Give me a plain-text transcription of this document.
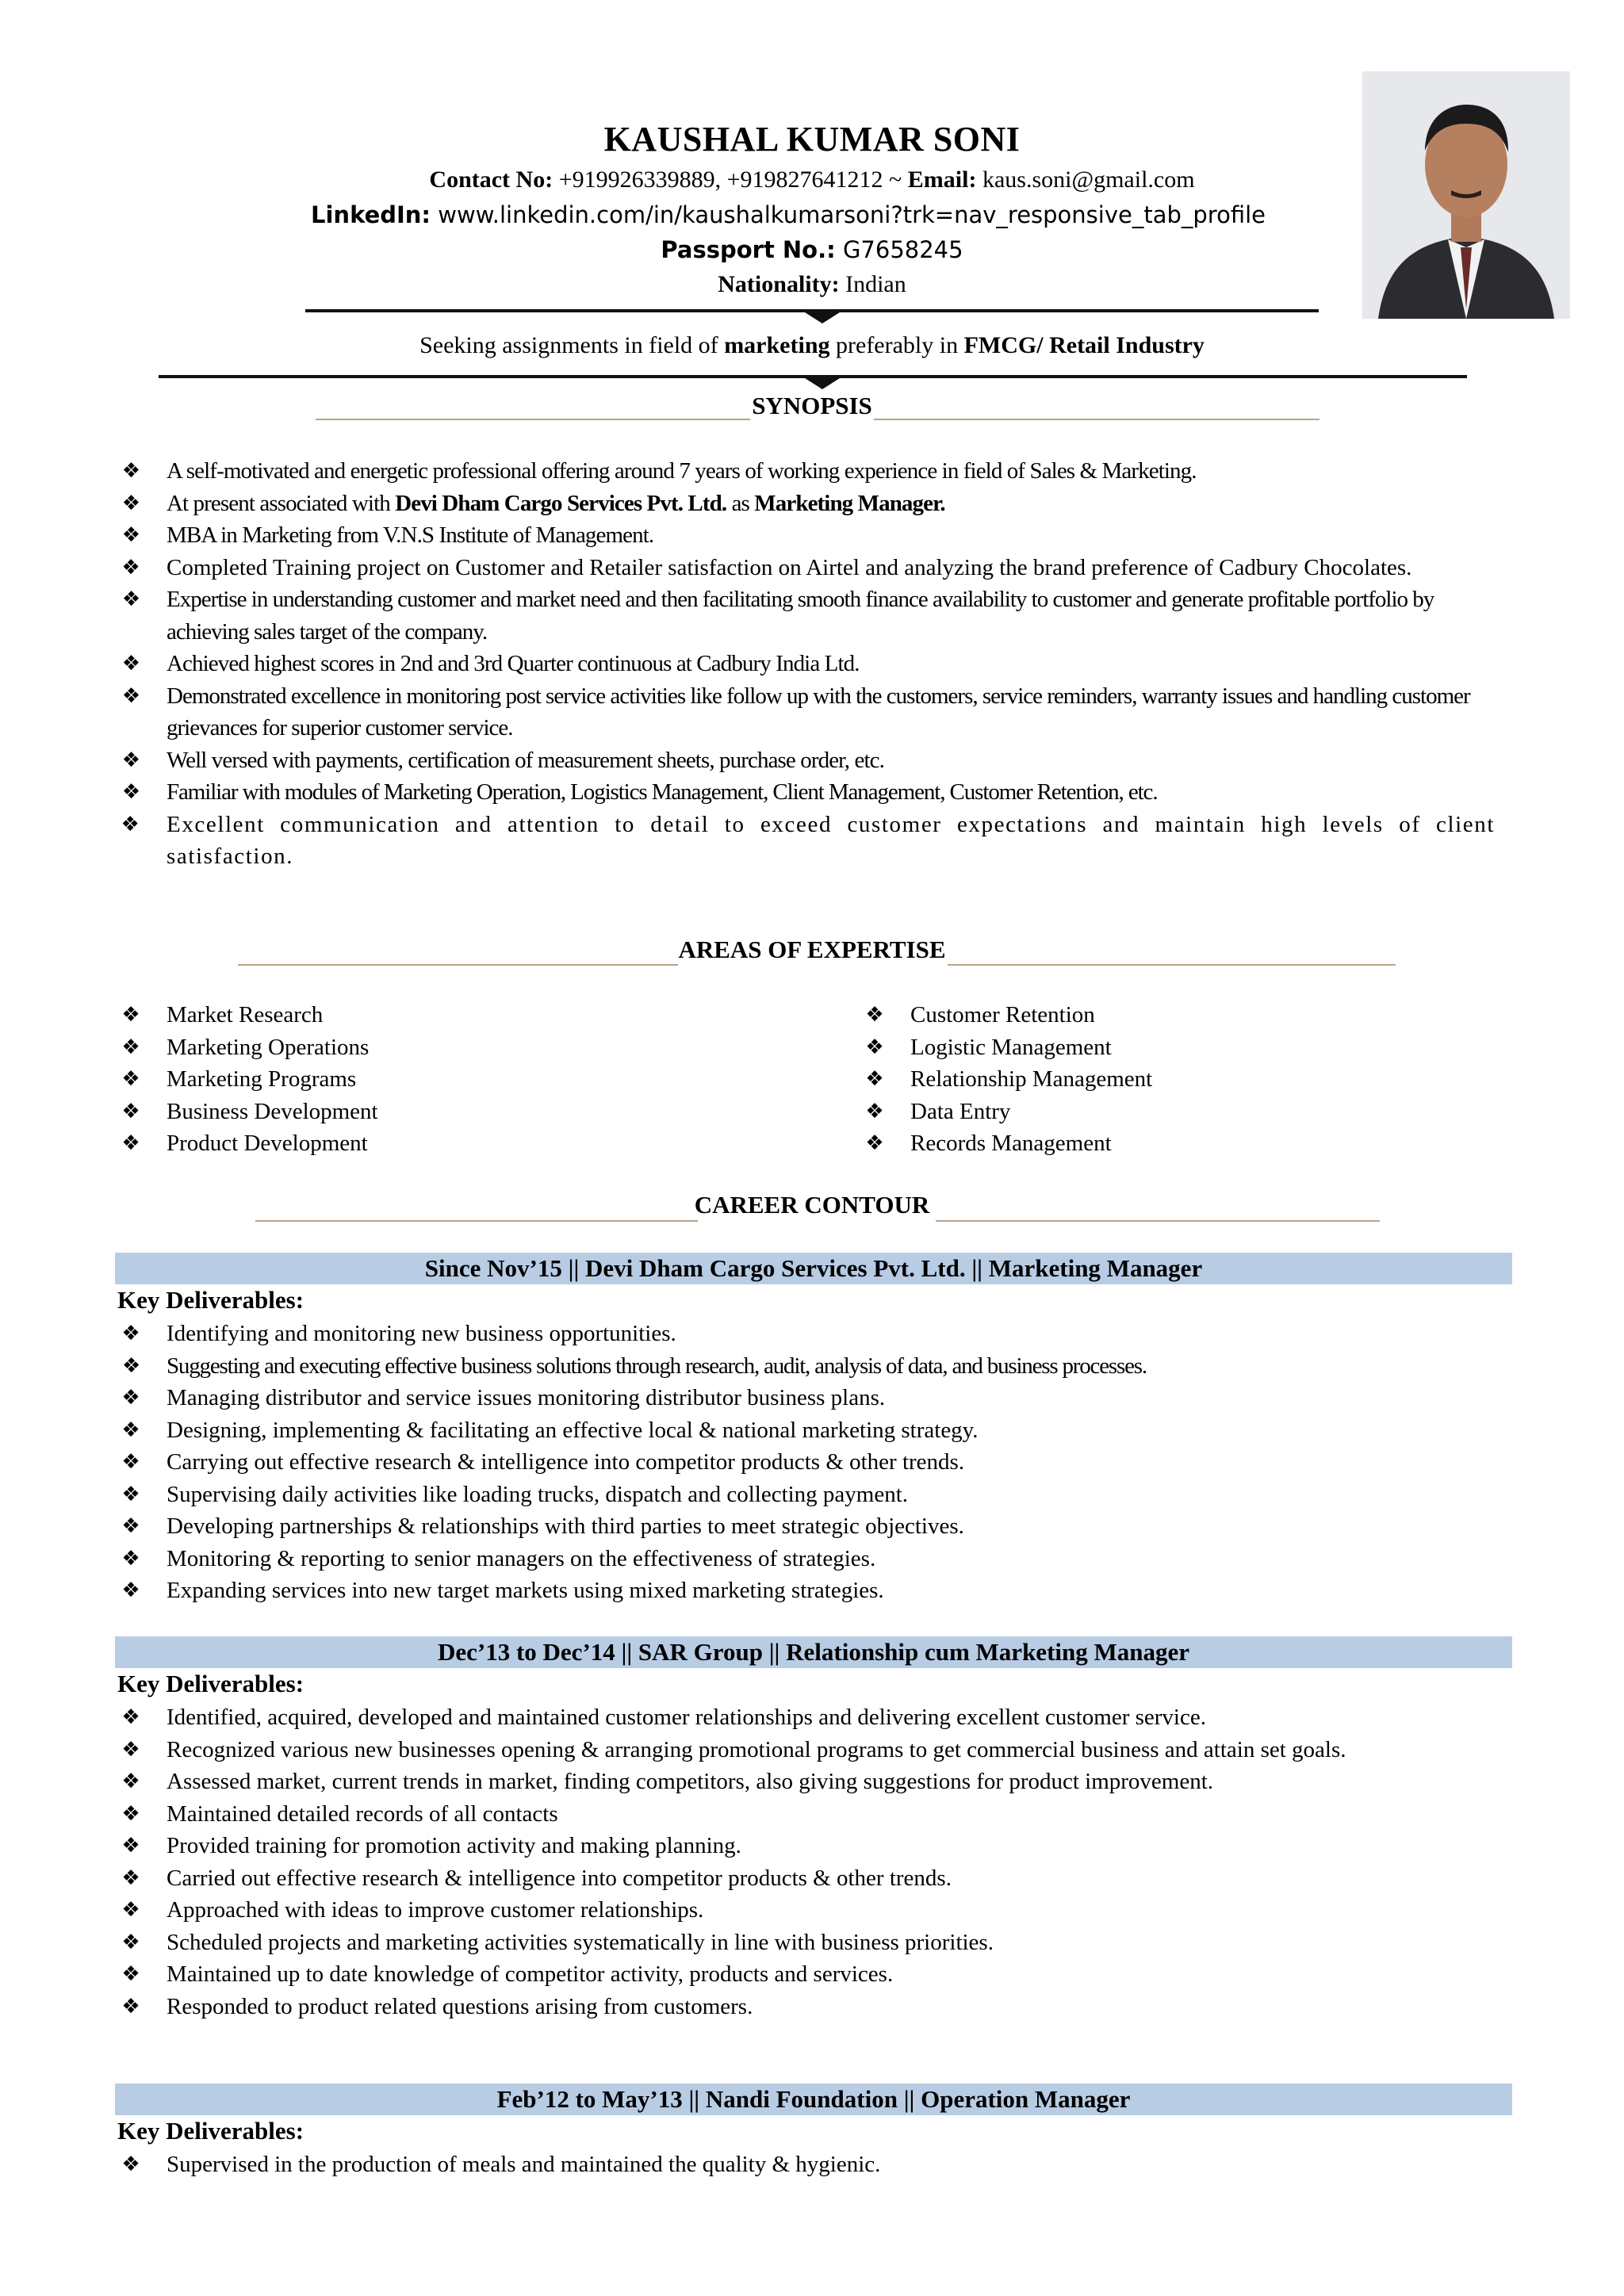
KAUSHAL KUMAR SONI
Contact No: +919926339889, +919827641212 ~ Email: kaus.soni@gmail.com
LinkedIn: www.linkedin.com/in/kaushalkumarsoni?trk=nav_responsive_tab_profile
Passport No.: G7658245
Nationality: Indian
Seeking assignments in field of marketing preferably in FMCG/ Retail Industry
SYNOPSIS
❖	A self-motivated and energetic professional offering around 7 years of working experience in field of Sales & Marketing.
❖	At present associated with Devi Dham Cargo Services Pvt. Ltd. as Marketing Manager.
❖	MBA in Marketing from V.N.S Institute of Management.
❖ Completed Training project on Customer and Retailer satisfaction on Airtel and analyzing the brand preference of Cadbury Chocolates.
❖	Expertise in understanding customer and market need and then facilitating smooth finance availability to customer and generate profitable portfolio by achieving sales target of the company.
❖	Achieved highest scores in 2nd and 3rd Quarter continuous at Cadbury India Ltd.
❖	Demonstrated excellence in monitoring post service activities like follow up with the customers, service reminders, warranty issues and handling customer grievances for superior customer service.
❖	Well versed with payments, certification of measurement sheets, purchase order, etc.
❖	Familiar with modules of Marketing Operation, Logistics Management, Client Management, Customer Retention, etc.
❖ Excellent communication and attention to detail to exceed customer expectations and maintain high levels of client satisfaction.
AREAS OF EXPERTISE
❖ Market Research
❖ Marketing Operations
❖ Marketing Programs
❖ Business Development
❖ Product Development
❖ Customer Retention
❖ Logistic Management
❖ Relationship Management
❖ Data Entry
❖ Records Management
CAREER CONTOUR
Since Nov’15 || Devi Dham Cargo Services Pvt. Ltd. || Marketing Manager
Key Deliverables:
❖ Identifying and monitoring new business opportunities.
❖	Suggesting and executing effective business solutions through research, audit, analysis of data, and business processes.
❖ Managing distributor and service issues monitoring distributor business plans.
❖ Designing, implementing & facilitating an effective local & national marketing strategy.
❖ Carrying out effective research & intelligence into competitor products & other trends.
❖ Supervising daily activities like loading trucks, dispatch and collecting payment.
❖ Developing partnerships & relationships with third parties to meet strategic objectives.
❖ Monitoring & reporting to senior managers on the effectiveness of strategies.
❖ Expanding services into new target markets using mixed marketing strategies.
Dec’13 to Dec’14 || SAR Group || Relationship cum Marketing Manager
Key Deliverables:
❖ Identified, acquired, developed and maintained customer relationships and delivering excellent customer service.
❖ Recognized various new businesses opening & arranging promotional programs to get commercial business and attain set goals.
❖ Assessed market, current trends in market, finding competitors, also giving suggestions for product improvement.
❖ Maintained detailed records of all contacts
❖ Provided training for promotion activity and making planning.
❖ Carried out effective research & intelligence into competitor products & other trends.
❖ Approached with ideas to improve customer relationships.
❖ Scheduled projects and marketing activities systematically in line with business priorities.
❖ Maintained up to date knowledge of competitor activity, products and services.
❖ Responded to product related questions arising from customers.
Feb’12 to May’13 || Nandi Foundation || Operation Manager
Key Deliverables:
❖ Supervised in the production of meals and maintained the quality & hygienic.
